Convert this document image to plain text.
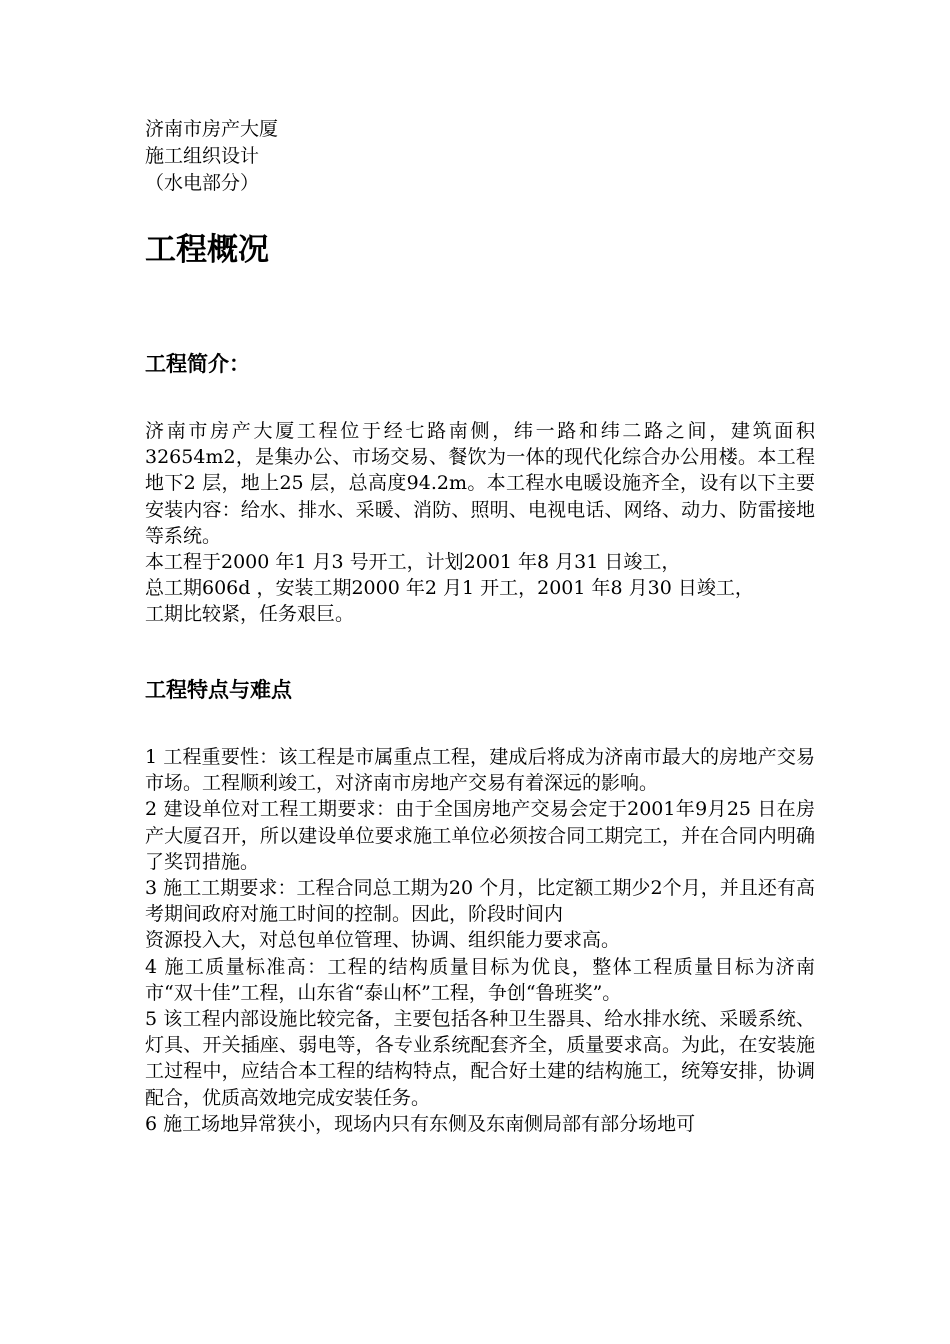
济南市房产大厦
施工组织设计
（水电部分）
工程概况
工程简介：

济南市房产大厦工程位于经七路南侧，纬一路和纬二路之间，建筑面积32654m2，是集办公、市场交易、餐饮为一体的现代化综合办公用楼。本工程地下2 层，地上25 层，总高度94.2m。本工程水电暖设施齐全，设有以下主要安装内容：给水、排水、采暖、消防、照明、电视电话、网络、动力、防雷接地等系统。

本工程于2000 年1 月3 号开工，计划2001 年8 月31 日竣工，

总工期606d ，安装工期2000 年2 月1 开工，2001 年8 月30 日竣工，

工期比较紧，任务艰巨。

工程特点与难点

1 工程重要性：该工程是市属重点工程，建成后将成为济南市最大的房地产交易市场。工程顺利竣工，对济南市房地产交易有着深远的影响。

2 建设单位对工程工期要求：由于全国房地产交易会定于2001年9月25 日在房产大厦召开，所以建设单位要求施工单位必须按合同工期完工，并在合同内明确了奖罚措施。

3 施工工期要求：工程合同总工期为20 个月，比定额工期少2个月，并且还有高考期间政府对施工时间的控制。因此，阶段时间内

资源投入大，对总包单位管理、协调、组织能力要求高。

4 施工质量标准高：工程的结构质量目标为优良，整体工程质量目标为济南市“双十佳”工程，山东省“泰山杯”工程，争创“鲁班奖”。

5 该工程内部设施比较完备，主要包括各种卫生器具、给水排水统、采暖系统、灯具、开关插座、弱电等，各专业系统配套齐全，质量要求高。为此，在安装施工过程中，应结合本工程的结构特点，配合好土建的结构施工，统筹安排，协调配合，优质高效地完成安装任务。

6 施工场地异常狭小，现场内只有东侧及东南侧局部有部分场地可
